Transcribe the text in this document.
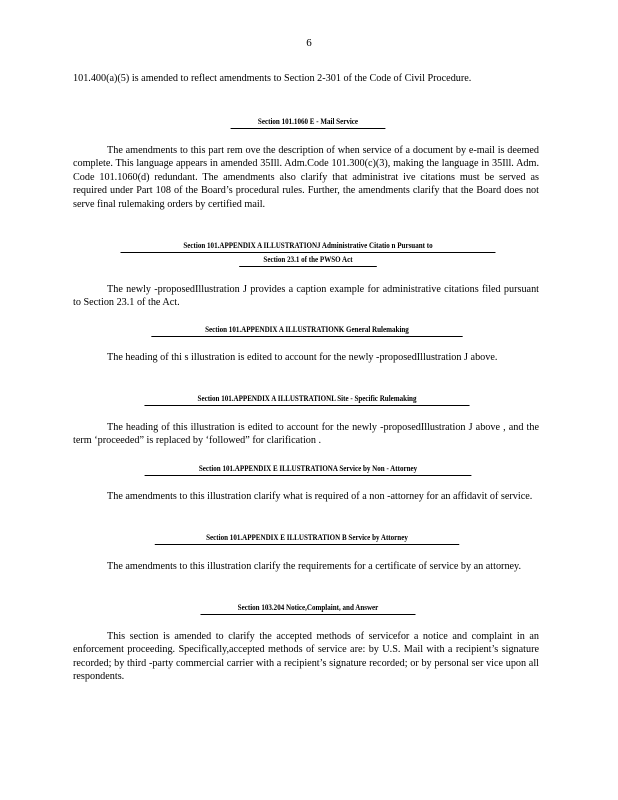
6

101.400(a)(5) is amended to reflect amendments to Section 2-301 of the Code of Civil Procedure.

Section 101.1060 E - Mail Service

The amendments to this part rem ove the description of when service of a document by e-mail is deemed complete. This language appears in amended 35Ill. Adm.Code 101.300(c)(3), making the language in 35Ill. Adm. Code 101.1060(d) redundant. The amendments also clarify that administrat ive citations must be served as required under Part 108 of the Board’s procedural rules. Further, the amendments clarify that the Board does not serve final rulemaking orders by certified mail.

Section 101.APPENDIX A ILLUSTRATIONJ Administrative Citatio n Pursuant to
Section 23.1 of the PWSO Act

The newly -proposedIllustration J provides a caption example for administrative citations filed pursuant to Section 23.1 of the Act.

Section 101.APPENDIX A ILLUSTRATIONK General Rulemaking

The heading of thi s illustration is edited to account for the newly -proposedIllustration J above.

Section 101.APPENDIX A ILLUSTRATIONL Site - Specific Rulemaking

The heading of this illustration is edited to account for the newly -proposedIllustration J above , and the term ‘proceeded” is replaced by ‘followed” for clarification .

Section 101.APPENDIX E ILLUSTRATIONA Service by Non - Attorney

The amendments to this illustration clarify what is required of a non -attorney for an affidavit of service.

Section 101.APPENDIX E ILLUSTRATION B Service by Attorney

The amendments to this illustration clarify the requirements for a certificate of service by an attorney.

Section 103.204 Notice,Complaint, and Answer

This section is amended to clarify the accepted methods of servicefor a notice and complaint in an enforcement proceeding. Specifically,accepted methods of service are: by U.S. Mail with a recipient’s signature recorded; by third -party commercial carrier with a recipient’s signature recorded; or by personal ser vice upon all respondents.
